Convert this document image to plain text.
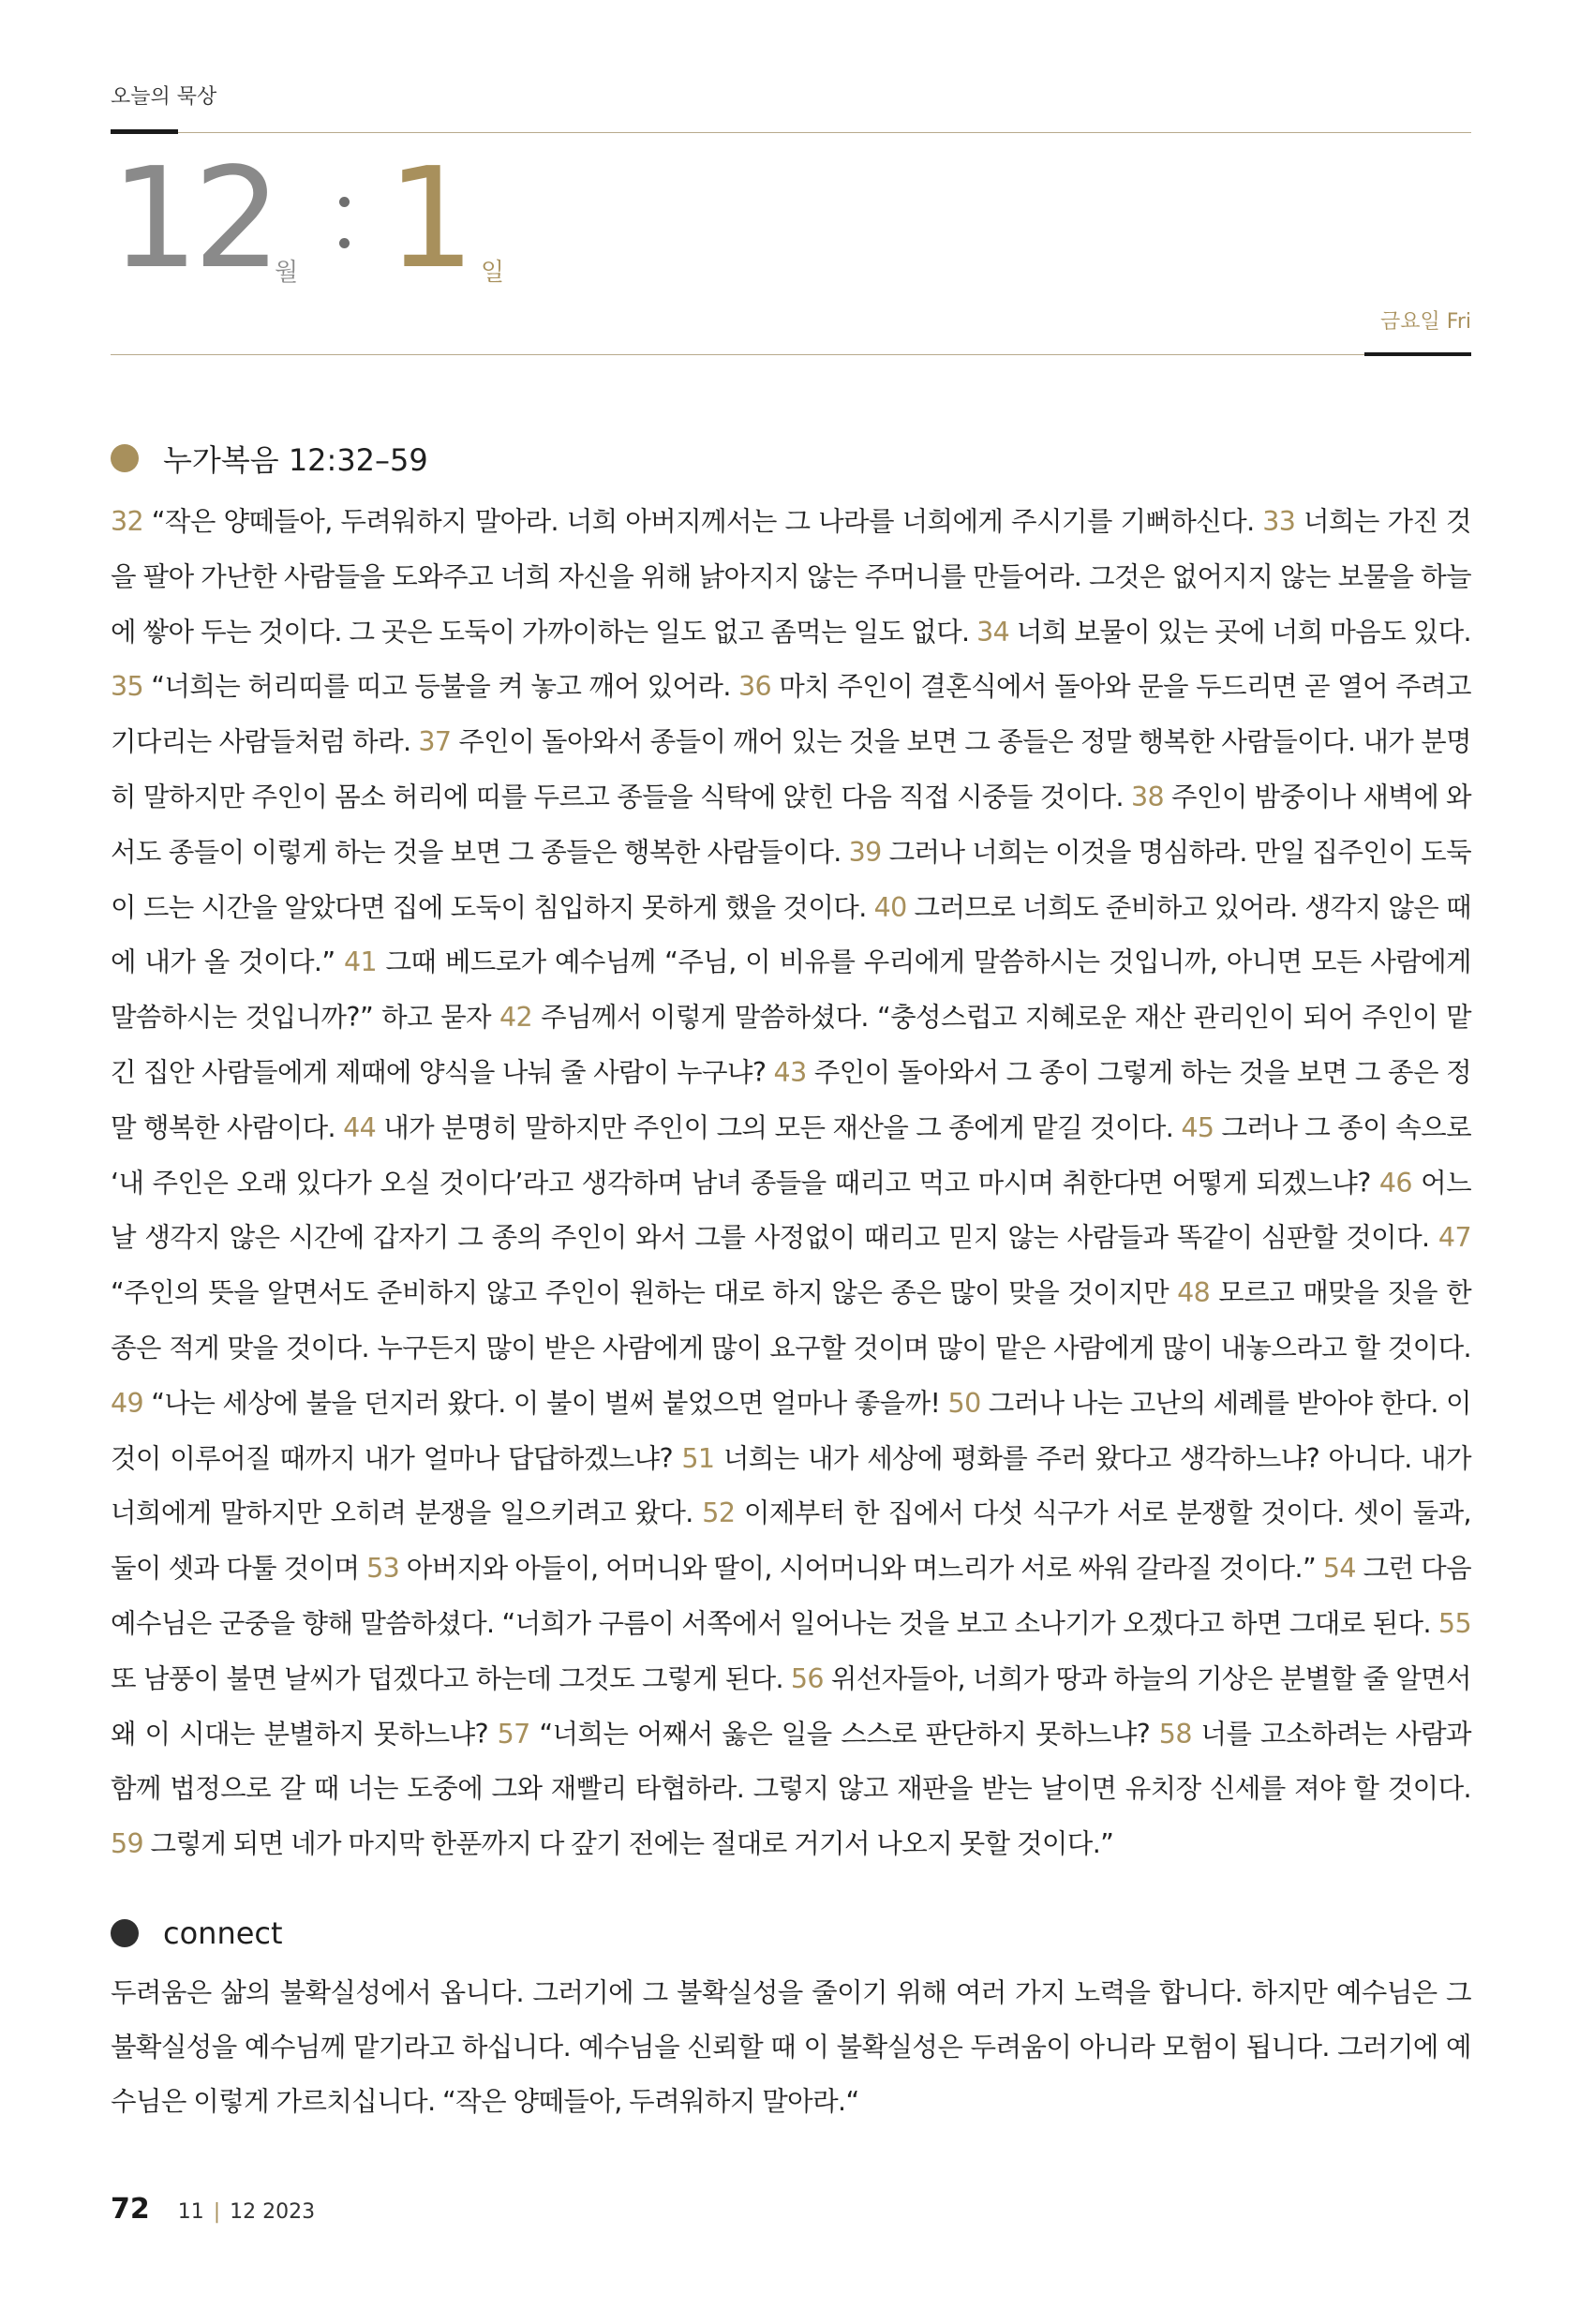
오늘의 묵상
12
월 1 일
금요일 Fri
누가복음 12:32–59
32 “작은 양떼들아, 두려워하지 말아라. 너희 아버지께서는 그 나라를 너희에게 주시기를 기뻐하신다. 33 너희는 가진 것을 팔아 가난한 사람들을 도와주고 너희 자신을 위해 낡아지지 않는 주머니를 만들어라. 그것은 없어지지 않는 보물을 하늘에 쌓아 두는 것이다. 그 곳은 도둑이 가까이하는 일도 없고 좀먹는 일도 없다. 34 너희 보물이 있는 곳에 너희 마음도 있다. 35 “너희는 허리띠를 띠고 등불을 켜 놓고 깨어 있어라. 36 마치 주인이 결혼식에서 돌아와 문을 두드리면 곧 열어 주려고 기다리는 사람들처럼 하라. 37 주인이 돌아와서 종들이 깨어 있는 것을 보면 그 종들은 정말 행복한 사람들이다. 내가 분명히 말하지만 주인이 몸소 허리에 띠를 두르고 종들을 식탁에 앉힌 다음 직접 시중들 것이다. 38 주인이 밤중이나 새벽에 와서도 종들이 이렇게 하는 것을 보면 그 종들은 행복한 사람들이다. 39 그러나 너희는 이것을 명심하라. 만일 집주인이 도둑이 드는 시간을 알았다면 집에 도둑이 침입하지 못하게 했을 것이다. 40 그러므로 너희도 준비하고 있어라. 생각지 않은 때에 내가 올 것이다.” 41 그때 베드로가 예수님께 “주님, 이 비유를 우리에게 말씀하시는 것입니까, 아니면 모든 사람에게 말씀하시는 것입니까?” 하고 묻자 42 주님께서 이렇게 말씀하셨다. “충성스럽고 지혜로운 재산 관리인이 되어 주인이 맡긴 집안 사람들에게 제때에 양식을 나눠 줄 사람이 누구냐? 43 주인이 돌아와서 그 종이 그렇게 하는 것을 보면 그 종은 정말 행복한 사람이다. 44 내가 분명히 말하지만 주인이 그의 모든 재산을 그 종에게 맡길 것이다. 45 그러나 그 종이 속으로 ‘내 주인은 오래 있다가 오실 것이다’라고 생각하며 남녀 종들을 때리고 먹고 마시며 취한다면 어떻게 되겠느냐? 46 어느 날 생각지 않은 시간에 갑자기 그 종의 주인이 와서 그를 사정없이 때리고 믿지 않는 사람들과 똑같이 심판할 것이다. 47 “주인의 뜻을 알면서도 준비하지 않고 주인이 원하는 대로 하지 않은 종은 많이 맞을 것이지만 48 모르고 매맞을 짓을 한 종은 적게 맞을 것이다. 누구든지 많이 받은 사람에게 많이 요구할 것이며 많이 맡은 사람에게 많이 내놓으라고 할 것이다. 49 “나는 세상에 불을 던지러 왔다. 이 불이 벌써 붙었으면 얼마나 좋을까! 50 그러나 나는 고난의 세례를 받아야 한다. 이것이 이루어질 때까지 내가 얼마나 답답하겠느냐? 51 너희는 내가 세상에 평화를 주러 왔다고 생각하느냐? 아니다. 내가 너희에게 말하지만 오히려 분쟁을 일으키려고 왔다. 52 이제부터 한 집에서 다섯 식구가 서로 분쟁할 것이다. 셋이 둘과, 둘이 셋과 다툴 것이며 53 아버지와 아들이, 어머니와 딸이, 시어머니와 며느리가 서로 싸워 갈라질 것이다.” 54 그런 다음 예수님은 군중을 향해 말씀하셨다. “너희가 구름이 서쪽에서 일어나는 것을 보고 소나기가 오겠다고 하면 그대로 된다. 55 또 남풍이 불면 날씨가 덥겠다고 하는데 그것도 그렇게 된다. 56 위선자들아, 너희가 땅과 하늘의 기상은 분별할 줄 알면서 왜 이 시대는 분별하지 못하느냐? 57 “너희는 어째서 옳은 일을 스스로 판단하지 못하느냐? 58 너를 고소하려는 사람과 함께 법정으로 갈 때 너는 도중에 그와 재빨리 타협하라. 그렇지 않고 재판을 받는 날이면 유치장 신세를 져야 할 것이다. 59 그렇게 되면 네가 마지막 한푼까지 다 갚기 전에는 절대로 거기서 나오지 못할 것이다.”
connect
두려움은 삶의 불확실성에서 옵니다. 그러기에 그 불확실성을 줄이기 위해 여러 가지 노력을 합니다. 하지만 예수님은 그 불확실성을 예수님께 맡기라고 하십니다. 예수님을 신뢰할 때 이 불확실성은 두려움이 아니라 모험이 됩니다. 그러기에 예수님은 이렇게 가르치십니다. “작은 양떼들아, 두려워하지 말아라.“
72 11 | 12 2023
